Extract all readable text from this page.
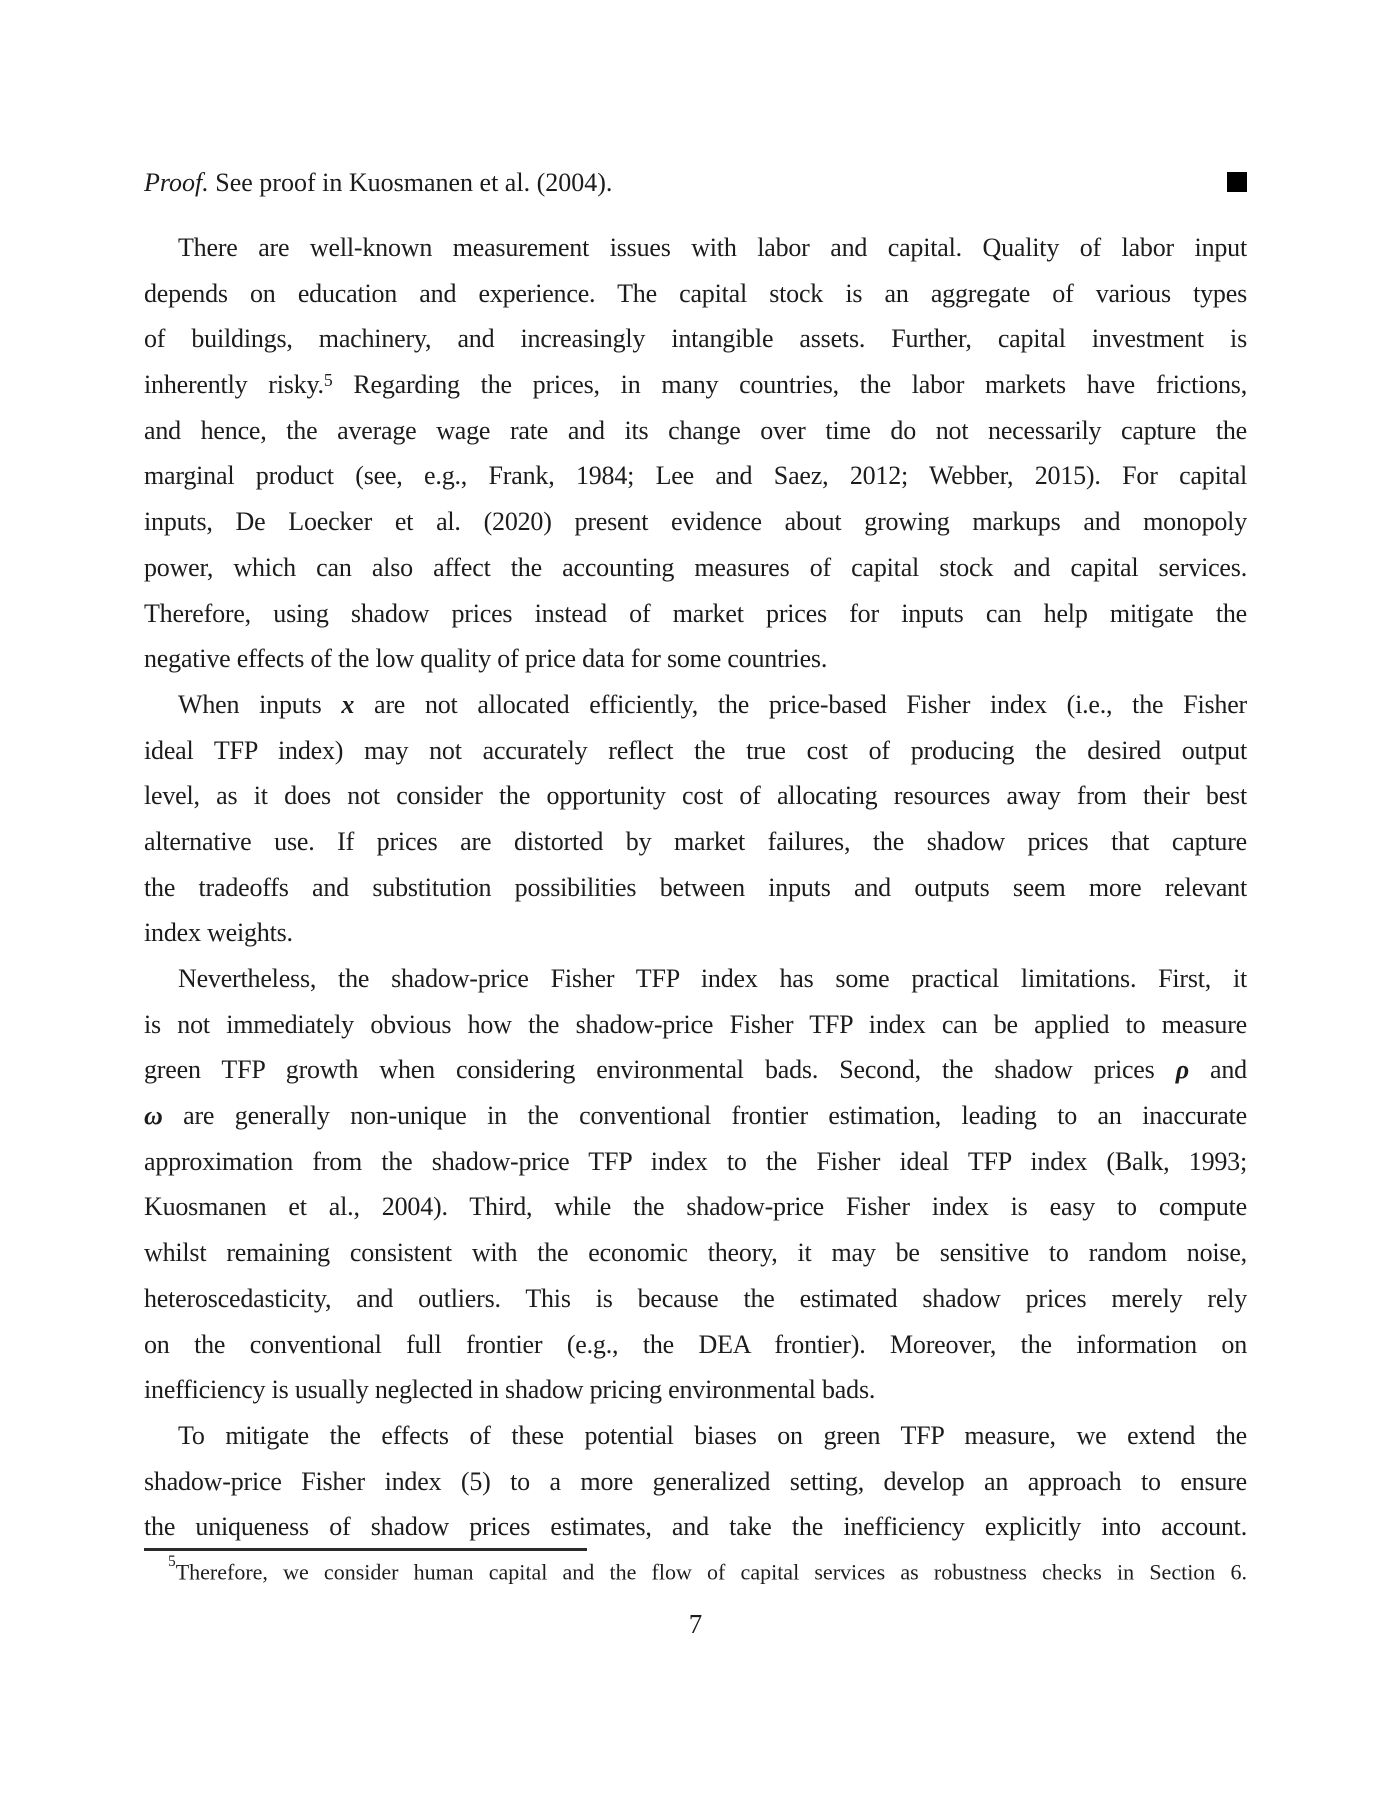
Proof. See proof in Kuosmanen et al. (2004).
There are well-known measurement issues with labor and capital. Quality of labor input
depends on education and experience. The capital stock is an aggregate of various types
of buildings, machinery, and increasingly intangible assets. Further, capital investment is
inherently risky.$^5$ Regarding the prices, in many countries, the labor markets have frictions,
and hence, the average wage rate and its change over time do not necessarily capture the
marginal product (see, e.g., Frank, 1984; Lee and Saez, 2012; Webber, 2015). For capital
inputs, De Loecker et al. (2020) present evidence about growing markups and monopoly
power, which can also affect the accounting measures of capital stock and capital services.
Therefore, using shadow prices instead of market prices for inputs can help mitigate the
negative effects of the low quality of price data for some countries.
When inputs x are not allocated efficiently, the price-based Fisher index (i.e., the Fisher
ideal TFP index) may not accurately reflect the true cost of producing the desired output
level, as it does not consider the opportunity cost of allocating resources away from their best
alternative use. If prices are distorted by market failures, the shadow prices that capture
the tradeoffs and substitution possibilities between inputs and outputs seem more relevant
index weights.
Nevertheless, the shadow-price Fisher TFP index has some practical limitations. First, it
is not immediately obvious how the shadow-price Fisher TFP index can be applied to measure
green TFP growth when considering environmental bads. Second, the shadow prices ρ and
ω are generally non-unique in the conventional frontier estimation, leading to an inaccurate
approximation from the shadow-price TFP index to the Fisher ideal TFP index (Balk, 1993;
Kuosmanen et al., 2004). Third, while the shadow-price Fisher index is easy to compute
whilst remaining consistent with the economic theory, it may be sensitive to random noise,
heteroscedasticity, and outliers. This is because the estimated shadow prices merely rely
on the conventional full frontier (e.g., the DEA frontier). Moreover, the information on
inefficiency is usually neglected in shadow pricing environmental bads.
To mitigate the effects of these potential biases on green TFP measure, we extend the
shadow-price Fisher index (5) to a more generalized setting, develop an approach to ensure
the uniqueness of shadow prices estimates, and take the inefficiency explicitly into account.
$^5$Therefore, we consider human capital and the flow of capital services as robustness checks in Section 6.
7
